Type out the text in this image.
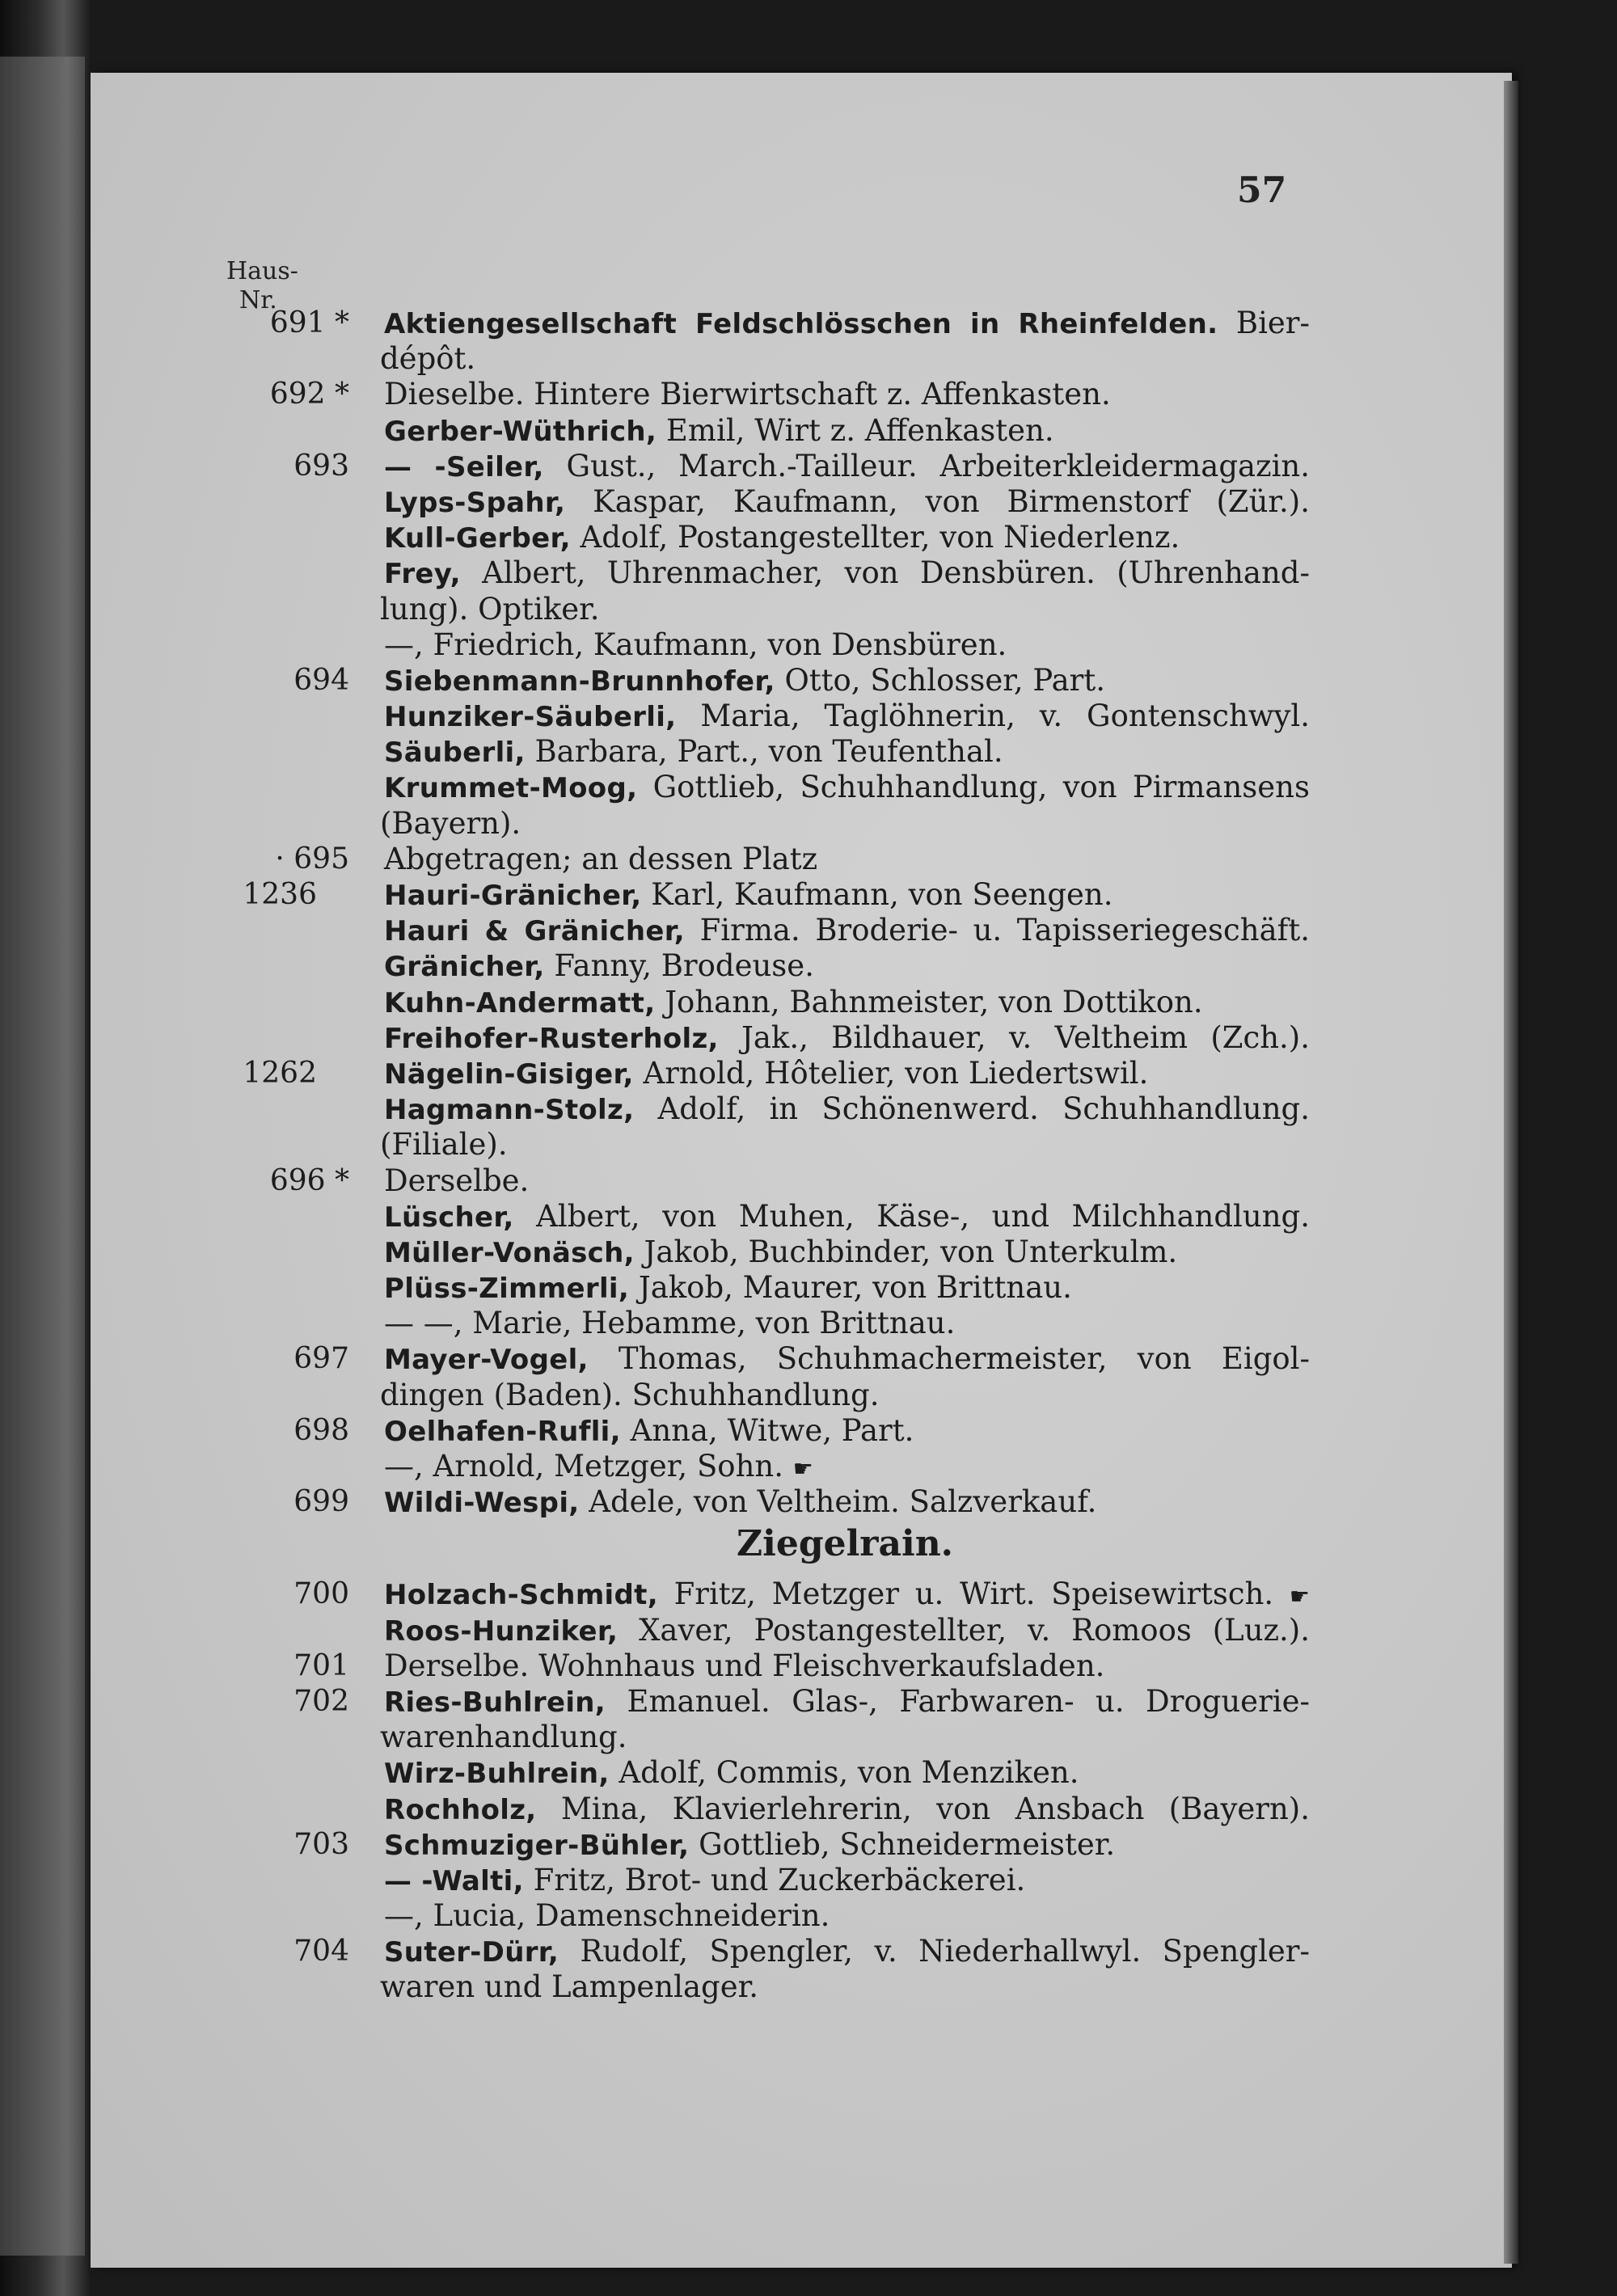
57
Haus-
Nr.
691 * Aktiengesellschaft Feldschlösschen in Rheinfelden. Bier-
dépôt.
692 * Dieselbe. Hintere Bierwirtschaft z. Affenkasten.
Gerber-Wüthrich, Emil, Wirt z. Affenkasten.
693 — -Seiler, Gust., March.-Tailleur. Arbeiterkleidermagazin.
Lyps-Spahr, Kaspar, Kaufmann, von Birmenstorf (Zür.).
Kull-Gerber, Adolf, Postangestellter, von Niederlenz.
Frey, Albert, Uhrenmacher, von Densbüren. (Uhrenhand-
lung). Optiker.
—, Friedrich, Kaufmann, von Densbüren.
694 Siebenmann-Brunnhofer, Otto, Schlosser, Part.
Hunziker-Säuberli, Maria, Taglöhnerin, v. Gontenschwyl.
Säuberli, Barbara, Part., von Teufenthal.
Krummet-Moog, Gottlieb, Schuhhandlung, von Pirmansens
(Bayern).
· 695 Abgetragen; an dessen Platz
1236 Hauri-Gränicher, Karl, Kaufmann, von Seengen.
Hauri & Gränicher, Firma. Broderie- u. Tapisseriegeschäft.
Gränicher, Fanny, Brodeuse.
Kuhn-Andermatt, Johann, Bahnmeister, von Dottikon.
Freihofer-Rusterholz, Jak., Bildhauer, v. Veltheim (Zch.).
1262 Nägelin-Gisiger, Arnold, Hôtelier, von Liedertswil.
Hagmann-Stolz, Adolf, in Schönenwerd. Schuhhandlung.
(Filiale).
696 * Derselbe.
Lüscher, Albert, von Muhen, Käse-, und Milchhandlung.
Müller-Vonäsch, Jakob, Buchbinder, von Unterkulm.
Plüss-Zimmerli, Jakob, Maurer, von Brittnau.
— —, Marie, Hebamme, von Brittnau.
697 Mayer-Vogel, Thomas, Schuhmachermeister, von Eigol-
dingen (Baden). Schuhhandlung.
698 Oelhafen-Rufli, Anna, Witwe, Part.
—, Arnold, Metzger, Sohn. ☛
699 Wildi-Wespi, Adele, von Veltheim. Salzverkauf.
Ziegelrain.
700 Holzach-Schmidt, Fritz, Metzger u. Wirt. Speisewirtsch. ☛
Roos-Hunziker, Xaver, Postangestellter, v. Romoos (Luz.).
701 Derselbe. Wohnhaus und Fleischverkaufsladen.
702 Ries-Buhlrein, Emanuel. Glas-, Farbwaren- u. Droguerie-
warenhandlung.
Wirz-Buhlrein, Adolf, Commis, von Menziken.
Rochholz, Mina, Klavierlehrerin, von Ansbach (Bayern).
703 Schmuziger-Bühler, Gottlieb, Schneidermeister.
— -Walti, Fritz, Brot- und Zuckerbäckerei.
—, Lucia, Damenschneiderin.
704 Suter-Dürr, Rudolf, Spengler, v. Niederhallwyl. Spengler-
waren und Lampenlager.
